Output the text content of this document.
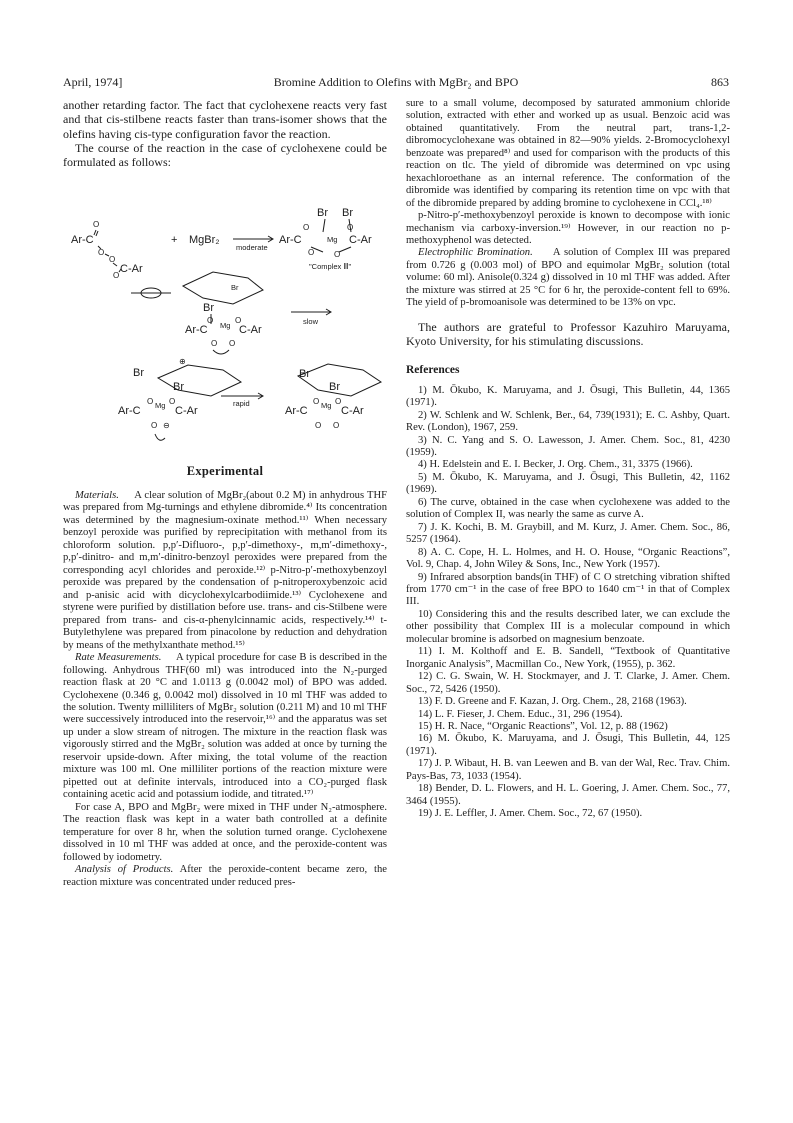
April, 1974]	Bromine Addition to Olefins with MgBr₂ and BPO	863

another retarding factor. The fact that cyclohexene reacts very fast and that cis-stilbene reacts faster than trans-isomer shows that the olefins having cis-type configuration favor the reaction.

The course of the reaction in the case of cyclohexene could be formulated as follows:

Ar-C
O
O
O
O
C-Ar
+ MgBr₂
moderate
Br Br
Ar-C
O
Mg
O
C-Ar
O O
"Complex Ⅲ"
Br
Br
Ar-C Mg
O	O
C-Ar
O O
slow
⊕
Br
Br
Ar-C Mg
O O
C-Ar
O ⊖
rapid
Br
Br
Ar-C Mg
O O
C-Ar
O O
Experimental

Materials. A clear solution of MgBr₂(about 0.2 M) in anhydrous THF was prepared from Mg-turnings and ethylene dibromide.⁴⁾ Its concentration was determined by the magnesium-oxinate method.¹¹⁾ When necessary benzoyl peroxide was purified by reprecipitation with methanol from its chloroform solution. p,p′-Difluoro-, p,p′-dimethoxy-, m,m′-dimethoxy-, p,p′-dinitro- and m,m′-dinitro-benzoyl peroxides were prepared from the corresponding acyl chlorides and peroxide.¹²⁾ p-Nitro-p′-methoxybenzoyl peroxide was prepared by the condensation of p-nitroperoxybenzoic acid and p-anisic acid with dicyclohexylcarbodiimide.¹³⁾ Cyclohexene and styrene were purified by distillation before use. trans- and cis-Stilbene were prepared from trans- and cis-α-phenylcinnamic acids, respectively.¹⁴⁾ t-Butylethylene was prepared from pinacolone by reduction and dehydration by means of the methylxanthate method.¹⁵⁾

Rate Measurements. A typical procedure for case B is described in the following. Anhydrous THF(60 ml) was introduced into the N₂-purged reaction flask at 20 °C and 1.0113 g (0.0042 mol) of BPO was added. Cyclohexene (0.346 g, 0.0042 mol) dissolved in 10 ml THF was added to the solution. Twenty milliliters of MgBr₂ solution (0.211 M) and 10 ml THF were successively introduced into the reservoir,¹⁶⁾ and the apparatus was set up under a slow stream of nitrogen. The mixture in the reaction flask was vigorously stirred and the MgBr₂ solution was added at once by turning the reservoir upside-down. After mixing, the total volume of the reaction mixture was 100 ml. One milliliter portions of the reaction mixture were pipetted out at definite intervals, introduced into a CO₂-purged flask containing acetic acid and potassium iodide, and titrated.¹⁷⁾

For case A, BPO and MgBr₂ were mixed in THF under N₂-atmosphere. The reaction flask was kept in a water bath controlled at a definite temperature for over 8 hr, when the solution turned orange. Cyclohexene dissolved in 10 ml THF was added at once, and the peroxide-content was followed by iodometry.

Analysis of Products. After the peroxide-content became zero, the reaction mixture was concentrated under reduced pres-

sure to a small volume, decomposed by saturated ammonium chloride solution, extracted with ether and worked up as usual. Benzoic acid was obtained quantitatively. From the neutral part, trans-1,2-dibromocyclohexane was obtained in 82—90% yields. 2-Bromocyclohexyl benzoate was prepared⁸⁾ and used for comparison with the products of this reaction on tlc. The yield of dibromide was determined on vpc using hexachloroethane as an internal reference. The conformation of the dibromide was identified by comparing its retention time on vpc with that of the dibromide prepared by adding bromine to cyclohexene in CCl₄.¹⁸⁾

p-Nitro-p′-methoxybenzoyl peroxide is known to decompose with ionic mechanism via carboxy-inversion.¹⁹⁾ However, in our reaction no p-methoxyphenol was detected.

Electrophilic Bromination. A solution of Complex III was prepared from 0.726 g (0.003 mol) of BPO and equimolar MgBr₂ solution (total volume: 60 ml). Anisole(0.324 g) dissolved in 10 ml THF was added. After the mixture was stirred at 25 °C for 6 hr, the peroxide-content fell to 69%. The yield of p-bromoanisole was determined to be 13% on vpc.

The authors are grateful to Professor Kazuhiro Maruyama, Kyoto University, for his stimulating discussions.

References

1) M. Ōkubo, K. Maruyama, and J. Ōsugi, This Bulletin, 44, 1365 (1971).

2) W. Schlenk and W. Schlenk, Ber., 64, 739(1931); E. C. Ashby, Quart. Rev. (London), 1967, 259.

3) N. C. Yang and S. O. Lawesson, J. Amer. Chem. Soc., 81, 4230 (1959).

4) H. Edelstein and E. I. Becker, J. Org. Chem., 31, 3375 (1966).

5) M. Ōkubo, K. Maruyama, and J. Ōsugi, This Bulletin, 42, 1162 (1969).

6) The curve, obtained in the case when cyclohexene was added to the solution of Complex II, was nearly the same as curve A.

7) J. K. Kochi, B. M. Graybill, and M. Kurz, J. Amer. Chem. Soc., 86, 5257 (1964).

8) A. C. Cope, H. L. Holmes, and H. O. House, “Organic Reactions”, Vol. 9, Chap. 4, John Wiley & Sons, Inc., New York (1957).

9) Infrared absorption bands(in THF) of C O stretching vibration shifted from 1770 cm⁻¹ in the case of free BPO to 1640 cm⁻¹ in that of Complex III.

10) Considering this and the results described later, we can exclude the other possibility that Complex III is a molecular compound in which molecular bromine is adsorbed on magnesium benzoate.

11) I. M. Kolthoff and E. B. Sandell, “Textbook of Quantitative Inorganic Analysis”, Macmillan Co., New York, (1955), p. 362.

12) C. G. Swain, W. H. Stockmayer, and J. T. Clarke, J. Amer. Chem. Soc., 72, 5426 (1950).

13) F. D. Greene and F. Kazan, J. Org. Chem., 28, 2168 (1963).

14) L. F. Fieser, J. Chem. Educ., 31, 296 (1954).

15) H. R. Nace, “Organic Reactions”, Vol. 12, p. 88 (1962)

16) M. Ōkubo, K. Maruyama, and J. Ōsugi, This Bulletin, 44, 125 (1971).

17) J. P. Wibaut, H. B. van Leewen and B. van der Wal, Rec. Trav. Chim. Pays-Bas, 73, 1033 (1954).

18) Bender, D. L. Flowers, and H. L. Goering, J. Amer. Chem. Soc., 77, 3464 (1955).

19) J. E. Leffler, J. Amer. Chem. Soc., 72, 67 (1950).
